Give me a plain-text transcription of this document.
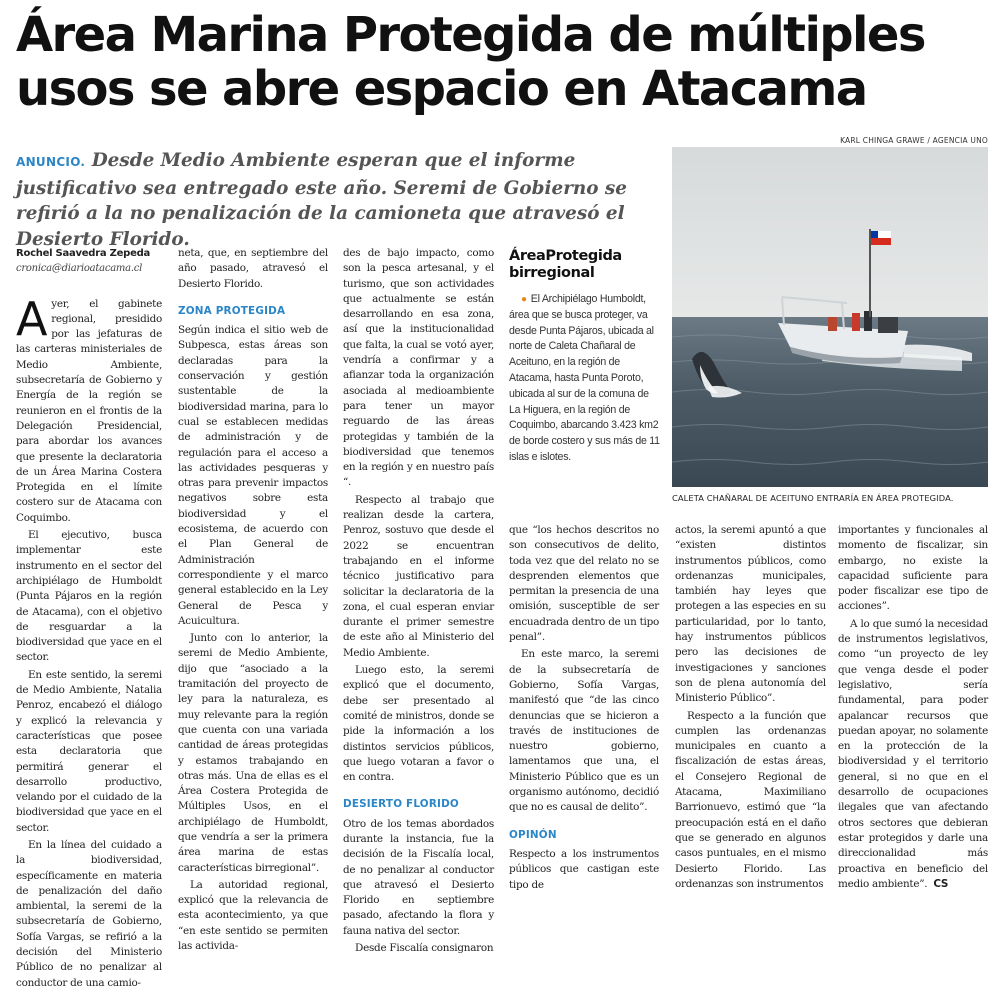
Área Marina Protegida de múltiples
usos se abre espacio en Atacama
KARL CHINGA GRAWE / AGENCIA UNO
ANUNCIO. Desde Medio Ambiente esperan que el informe justificativo sea entregado este año. Seremi de Gobierno se refirió a la no penalización de la camioneta que atravesó el Desierto Florido.
Rochel Saavedra Zepeda
cronica@diarioatacama.cl

Ayer, el gabinete regional, presidido por las jefaturas de las carteras ministeriales de Medio Ambiente, subsecretaría de Gobierno y Energía de la región se reunieron en el frontis de la Delegación Presidencial, para abordar los avances que presente la declaratoria de un Área Marina Costera Protegida en el límite costero sur de Atacama con Coquimbo.

El ejecutivo, busca implementar este instrumento en el sector del archipiélago de Humboldt (Punta Pájaros en la región de Atacama), con el objetivo de resguardar a la biodiversidad que yace en el sector.

En este sentido, la seremi de Medio Ambiente, Natalia Penroz, encabezó el diálogo y explicó la relevancia y características que posee esta declaratoria que permitirá generar el desarrollo productivo, velando por el cuidado de la biodiversidad que yace en el sector.

En la línea del cuidado a la biodiversidad, específicamente en materia de penalización del daño ambiental, la seremi de la subsecretaría de Gobierno, Sofía Vargas, se refirió a la decisión del Ministerio Público de no penalizar al conductor de una camio-

neta, que, en septiembre del año pasado, atravesó el Desierto Florido.

ZONA PROTEGIDA

Según indica el sitio web de Subpesca, estas áreas son declaradas para la conservación y gestión sustentable de la biodiversidad marina, para lo cual se establecen medidas de administración y de regulación para el acceso a las actividades pesqueras y otras para prevenir impactos negativos sobre esta biodiversidad y el ecosistema, de acuerdo con el Plan General de Administración correspondiente y el marco general establecido en la Ley General de Pesca y Acuicultura.

Junto con lo anterior, la seremi de Medio Ambiente, dijo que “asociado a la tramitación del proyecto de ley para la naturaleza, es muy relevante para la región que cuenta con una variada cantidad de áreas protegidas y estamos trabajando en otras más. Una de ellas es el Área Costera Protegida de Múltiples Usos, en el archipiélago de Humboldt, que vendría a ser la primera área marina de estas características birregional”.

La autoridad regional, explicó que la relevancia de esta acontecimiento, ya que “en este sentido se permiten las activida-

des de bajo impacto, como son la pesca artesanal, y el turismo, que son actividades que actualmente se están desarrollando en esa zona, así que la institucionalidad que falta, la cual se votó ayer, vendría a confirmar y a afianzar toda la organización asociada al medioambiente para tener un mayor reguardo de las áreas protegidas y también de la biodiversidad que tenemos en la región y en nuestro país “.

Respecto al trabajo que realizan desde la cartera, Penroz, sostuvo que desde el 2022 se encuentran trabajando en el informe técnico justificativo para solicitar la declaratoria de la zona, el cual esperan enviar durante el primer semestre de este año al Ministerio del Medio Ambiente.

Luego esto, la seremi explicó que el documento, debe ser presentado al comité de ministros, donde se pide la información a los distintos servicios públicos, que luego votaran a favor o en contra.

DESIERTO FLORIDO

Otro de los temas abordados durante la instancia, fue la decisión de la Fiscalía local, de no penalizar al conductor que atravesó el Desierto Florido en septiembre pasado, afectando la flora y fauna nativa del sector.

Desde Fiscalía consignaron

ÁreaProtegida
birregional

● El Archipiélago Humboldt, área que se busca proteger, va desde Punta Pájaros, ubicada al norte de Caleta Chañaral de Aceituno, en la región de Atacama, hasta Punta Poroto, ubicada al sur de la comuna de La Higuera, en la región de Coquimbo, abarcando 3.423 km2 de borde costero y sus más de 11 islas e islotes.

que “los hechos descritos no son consecutivos de delito, toda vez que del relato no se desprenden elementos que permitan la presencia de una omisión, susceptible de ser encuadrada dentro de un tipo penal”.

En este marco, la seremi de la subsecretaría de Gobierno, Sofía Vargas, manifestó que “de las cinco denuncias que se hicieron a través de instituciones de nuestro gobierno, lamentamos que una, el Ministerio Público que es un organismo autónomo, decidió que no es causal de delito”.

OPINÓN

Respecto a los instrumentos públicos que castigan este tipo de

CALETA CHAÑARAL DE ACEITUNO ENTRARÍA EN ÁREA PROTEGIDA.

actos, la seremi apuntó a que “existen distintos instrumentos públicos, como ordenanzas municipales, también hay leyes que protegen a las especies en su particularidad, por lo tanto, hay instrumentos públicos pero las decisiones de investigaciones y sanciones son de plena autonomía del Ministerio Público”.

Respecto a la función que cumplen las ordenanzas municipales en cuanto a fiscalización de estas áreas, el Consejero Regional de Atacama, Maximiliano Barrionuevo, estimó que “la preocupación está en el daño que se generado en algunos casos puntuales, en el mismo Desierto Florido. Las ordenanzas son instrumentos

importantes y funcionales al momento de fiscalizar, sin embargo, no existe la capacidad suficiente para poder fiscalizar ese tipo de acciones”.

A lo que sumó la necesidad de instrumentos legislativos, como “un proyecto de ley que venga desde el poder legislativo, sería fundamental, para poder apalancar recursos que puedan apoyar, no solamente en la protección de la biodiversidad y el territorio general, si no que en el desarrollo de ocupaciones ilegales que van afectando otros sectores que debieran estar protegidos y darle una direccionalidad más proactiva en beneficio del medio ambiente”. CS
